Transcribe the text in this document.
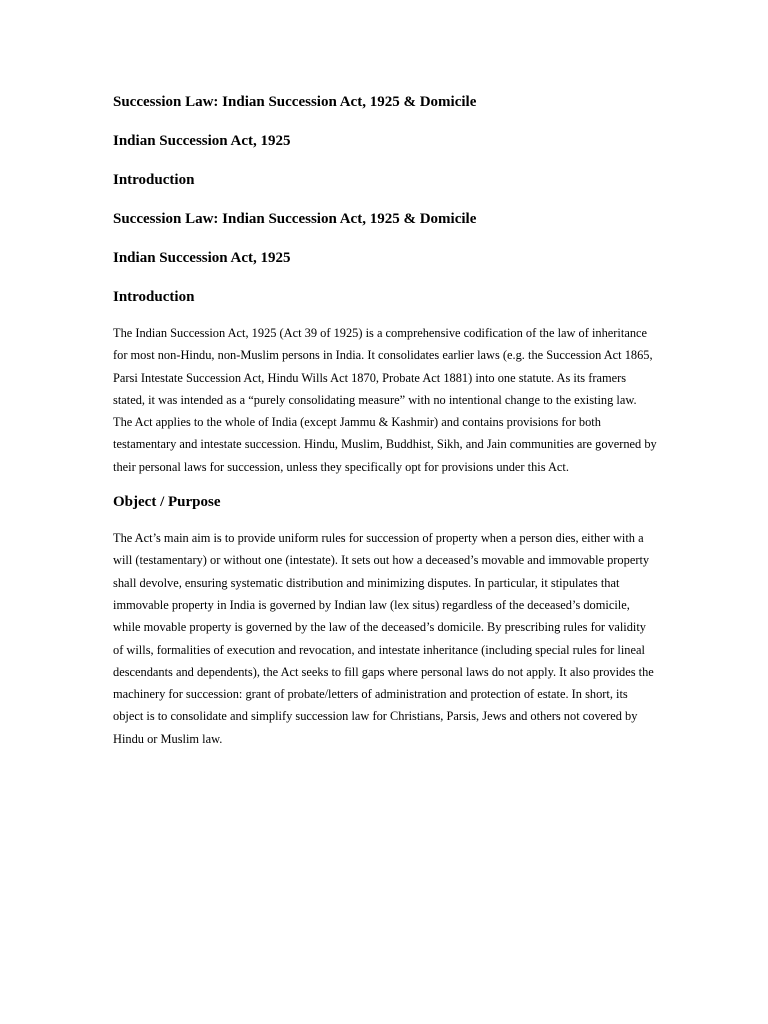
Succession Law: Indian Succession Act, 1925 & Domicile

Indian Succession Act, 1925

Introduction

Succession Law: Indian Succession Act, 1925 & Domicile

Indian Succession Act, 1925

Introduction

The Indian Succession Act, 1925 (Act 39 of 1925) is a comprehensive codification of the law of inheritance for most non-Hindu, non-Muslim persons in India. It consolidates earlier laws (e.g. the Succession Act 1865, Parsi Intestate Succession Act, Hindu Wills Act 1870, Probate Act 1881) into one statute. As its framers stated, it was intended as a “purely consolidating measure” with no intentional change to the existing law. The Act applies to the whole of India (except Jammu & Kashmir) and contains provisions for both testamentary and intestate succession. Hindu, Muslim, Buddhist, Sikh, and Jain communities are governed by their personal laws for succession, unless they specifically opt for provisions under this Act.

Object / Purpose

The Act’s main aim is to provide uniform rules for succession of property when a person dies, either with a will (testamentary) or without one (intestate). It sets out how a deceased’s movable and immovable property shall devolve, ensuring systematic distribution and minimizing disputes. In particular, it stipulates that immovable property in India is governed by Indian law (lex situs) regardless of the deceased’s domicile, while movable property is governed by the law of the deceased’s domicile. By prescribing rules for validity of wills, formalities of execution and revocation, and intestate inheritance (including special rules for lineal descendants and dependents), the Act seeks to fill gaps where personal laws do not apply. It also provides the machinery for succession: grant of probate/letters of administration and protection of estate. In short, its object is to consolidate and simplify succession law for Christians, Parsis, Jews and others not covered by Hindu or Muslim law.
